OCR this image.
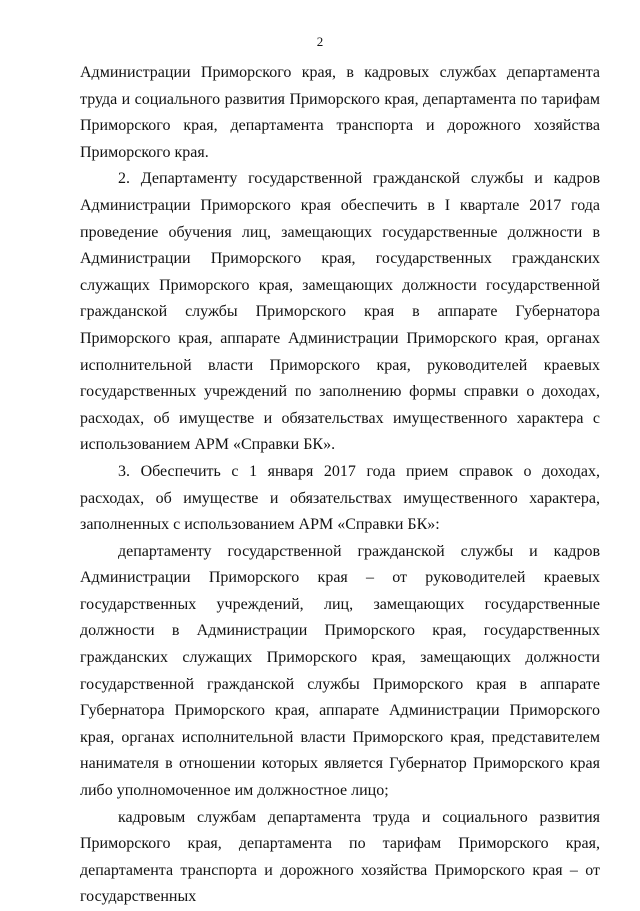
2

Администрации Приморского края, в кадровых службах департамента труда и социального развития Приморского края, департамента по тарифам Приморского края, департамента транспорта и дорожного хозяйства Приморского края.

2. Департаменту государственной гражданской службы и кадров Администрации Приморского края обеспечить в I квартале 2017 года проведение обучения лиц, замещающих государственные должности в Администрации Приморского края, государственных гражданских служащих Приморского края, замещающих должности государственной гражданской службы Приморского края в аппарате Губернатора Приморского края, аппарате Администрации Приморского края, органах исполнительной власти Приморского края, руководителей краевых государственных учреждений по заполнению формы справки о доходах, расходах, об имуществе и обязательствах имущественного характера с использованием АРМ «Справки БК».

3. Обеспечить с 1 января 2017 года прием справок о доходах, расходах, об имуществе и обязательствах имущественного характера, заполненных с использованием АРМ «Справки БК»:

департаменту государственной гражданской службы и кадров Администрации Приморского края – от руководителей краевых государственных учреждений, лиц, замещающих государственные должности в Администрации Приморского края, государственных гражданских служащих Приморского края, замещающих должности государственной гражданской службы Приморского края в аппарате Губернатора Приморского края, аппарате Администрации Приморского края, органах исполнительной власти Приморского края, представителем нанимателя в отношении которых является Губернатор Приморского края либо уполномоченное им должностное лицо;

кадровым службам департамента труда и социального развития Приморского края, департамента по тарифам Приморского края, департамента транспорта и дорожного хозяйства Приморского края – от государственных
